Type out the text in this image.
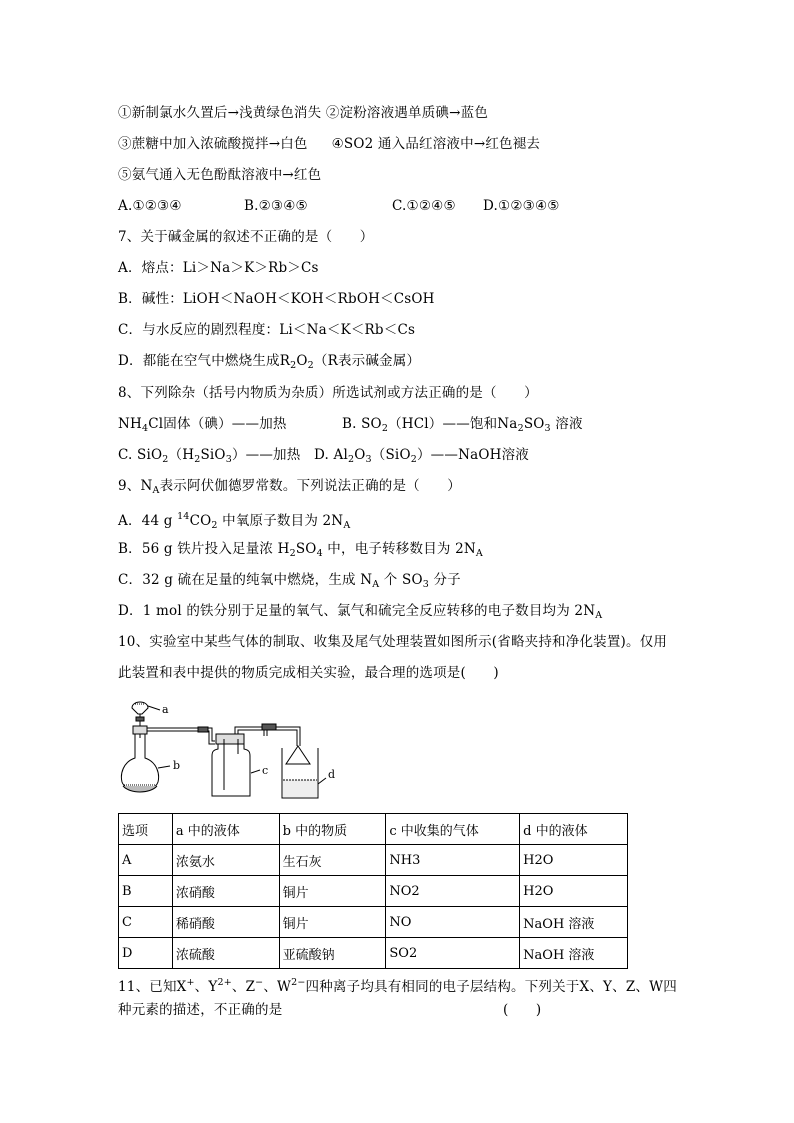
①新制氯水久置后→浅黄绿色消失 ②淀粉溶液遇单质碘→蓝色
③蔗糖中加入浓硫酸搅拌→白色 ④SO2 通入品红溶液中→红色褪去
⑤氨气通入无色酚酞溶液中→红色
A.①②③④	B.②③④⑤	C.①②④⑤ D.①②③④⑤
7、关于碱金属的叙述不正确的是（　　）
A．熔点：Li＞Na＞K＞Rb＞Cs
B．碱性：LiOH＜NaOH＜KOH＜RbOH＜CsOH
C．与水反应的剧烈程度：Li＜Na＜K＜Rb＜Cs
D．都能在空气中燃烧生成$R_2O_2(R$表示碱金属）
8、下列除杂（括号内物质为杂质）所选试剂或方法正确的是（　　）
$NH_4Cl$固体（碘）——加热	B. $SO_2(HCl)——$饱和$Na_2SO_3$ 溶液
C. $SiO_2(H_2SiO_3)——$加热 D. $Al_2O_3(SiO_2)——NaOH$溶液
9、$N_A$表示阿伏伽德罗常数。下列说法正确的是（　　）
A．44 g $^{14}CO_2$ 中氧原子数目为 $2N_A$
B．56 g 铁片投入足量浓 $H_2SO_4$ 中，电子转移数目为 $2N_A$
C．32 g 硫在足量的纯氧中燃烧，生成 $N_A$ 个 $SO_3$ 分子
D．1 mol 的铁分别于足量的氧气、氯气和硫完全反应转移的电子数目均为 $2N_A$
10、实验室中某些气体的制取、收集及尾气处理装置如图所示(省略夹持和净化装置)。仅用
此装置和表中提供的物质完成相关实验，最合理的选项是(　　)
a
b	c	d
选项	a 中的液体	b 中的物质	c 中收集的气体	d 中的液体
A	浓氨水	生石灰	NH3	H2O
B	浓硝酸	铜片	NO2	H2O
C	稀硝酸	铜片	NO	NaOH 溶液
D	浓硫酸	亚硫酸钠	SO2	NaOH 溶液
11、已知X+、$Y^{2+}$、Z−、$W^{2-}$四种离子均具有相同的电子层结构。下列关于X、Y、Z、W四
种元素的描述，不正确的是	(　　)
